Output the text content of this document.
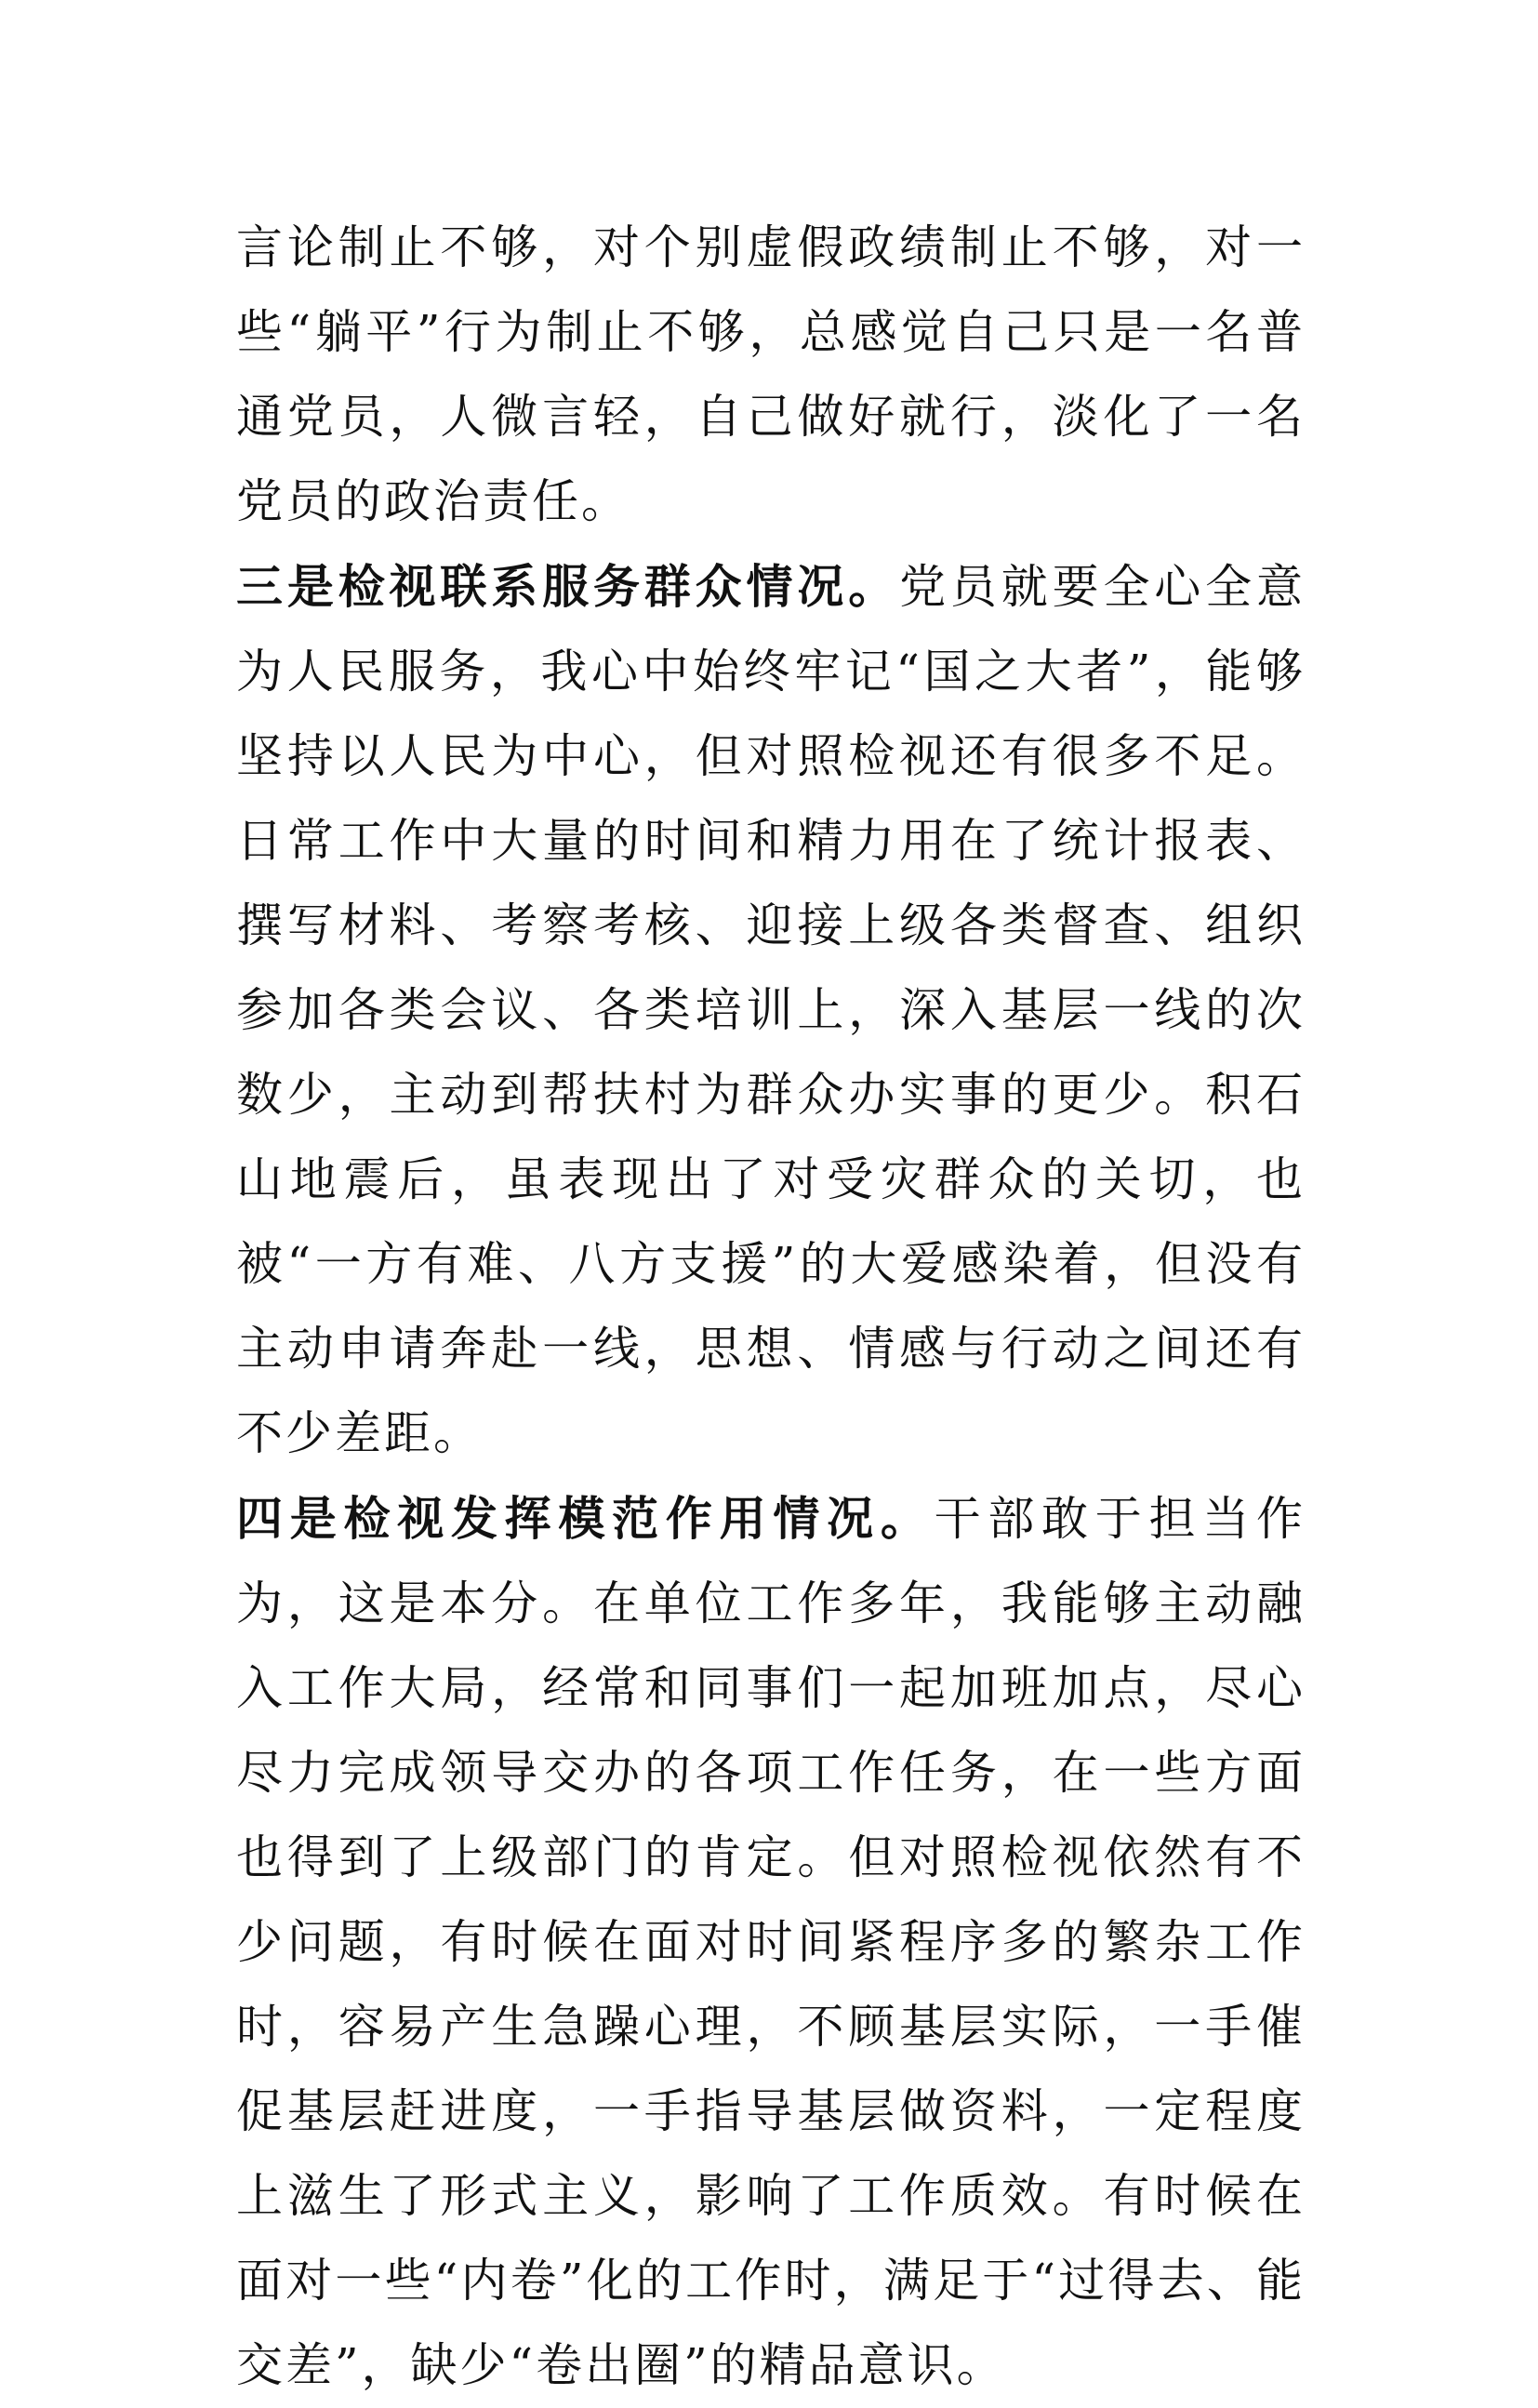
言论制止不够，对个别虚假政绩制止不够，对一些“躺平”行为制止不够，总感觉自己只是一名普通党员，人微言轻，自己做好就行，淡化了一名党员的政治责任。

三是检视联系服务群众情况。党员就要全心全意为人民服务，我心中始终牢记“国之大者”，能够坚持以人民为中心，但对照检视还有很多不足。日常工作中大量的时间和精力用在了统计报表、撰写材料、考察考核、迎接上级各类督查、组织参加各类会议、各类培训上，深入基层一线的次数少，主动到帮扶村为群众办实事的更少。积石山地震后，虽表现出了对受灾群众的关切，也被“一方有难、八方支援”的大爱感染着，但没有主动申请奔赴一线，思想、情感与行动之间还有不少差距。

四是检视发挥模范作用情况。干部敢于担当作为，这是本分。在单位工作多年，我能够主动融入工作大局，经常和同事们一起加班加点，尽心尽力完成领导交办的各项工作任务，在一些方面也得到了上级部门的肯定。但对照检视依然有不少问题，有时候在面对时间紧程序多的繁杂工作时，容易产生急躁心理，不顾基层实际，一手催促基层赶进度，一手指导基层做资料，一定程度上滋生了形式主义，影响了工作质效。有时候在面对一些“内卷”化的工作时，满足于“过得去、能交差”，缺少“卷出圈”的精品意识。
